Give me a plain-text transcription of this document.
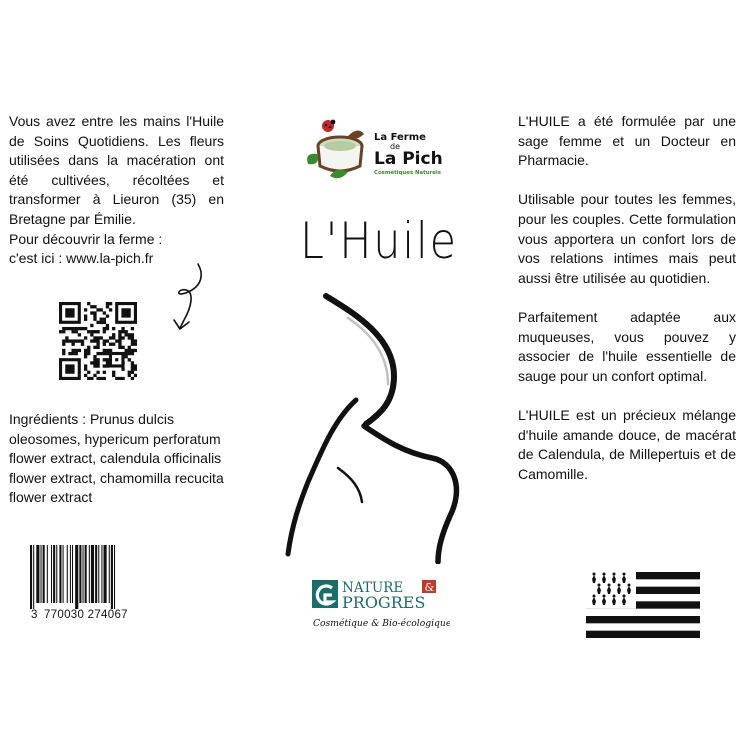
Vous avez entre les mains l'Huile de Soins Quotidiens. Les fleurs utilisées dans la macération ont été cultivées, récoltées et transformer à Lieuron (35) en Bretagne par Émilie.

Pour découvrir la ferme :

c'est ici : www.la-pich.fr

Ingrédients : Prunus dulcis oleosomes, hypericum perforatum flower extract, calendula officinalis flower extract, chamomilla recucita flower extract

3 770030 274067
La Ferme
de
La Pich
Cosmétiques Naturels
L'Huile
NATURE &
PROGRES
Cosmétique & Bio-écologique

L'HUILE a été formulée par une sage femme et un Docteur en Pharmacie.

Utilisable pour toutes les femmes, pour les couples. Cette formulation vous apportera un confort lors de vos relations intimes mais peut aussi être utilisée au quotidien.

Parfaitement adaptée aux muqueuses, vous pouvez y associer de l'huile essentielle de sauge pour un confort optimal.

L'HUILE est un précieux mélange d'huile amande douce, de macérat de Calendula, de Millepertuis et de Camomille.
